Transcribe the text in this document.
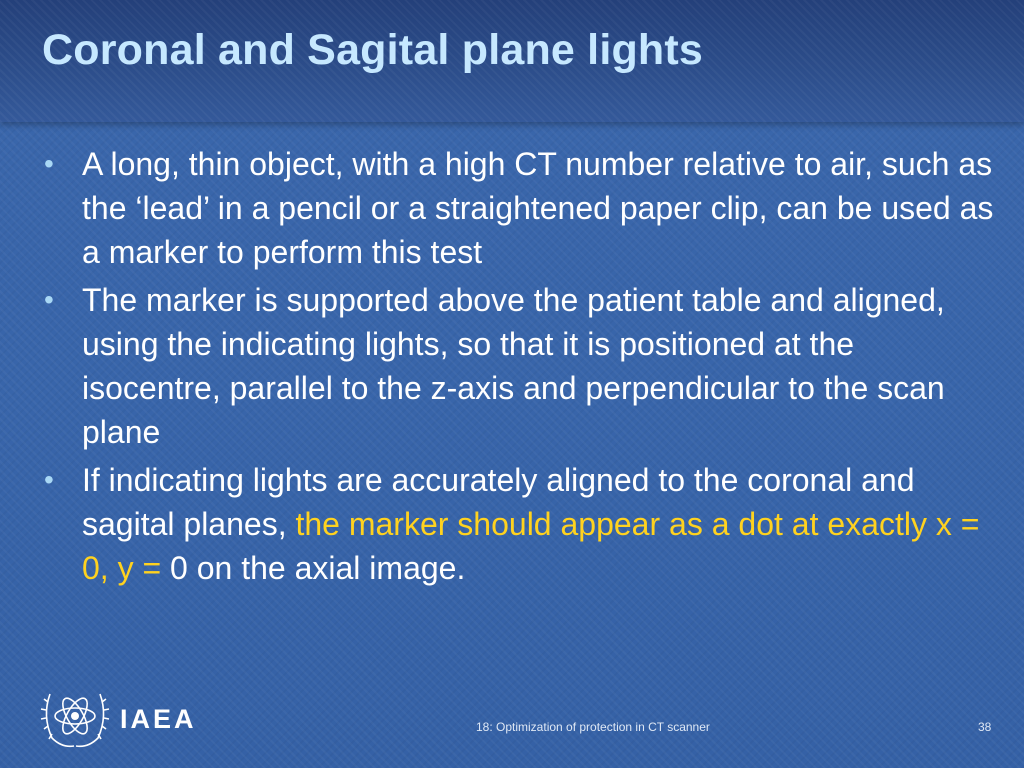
Coronal and Sagital plane lights
• A long, thin object, with a high CT number relative to air, such as the ‘lead’ in a pencil or a straightened paper clip, can be used as a marker to perform this test
• The marker is supported above the patient table and aligned, using the indicating lights, so that it is positioned at the isocentre, parallel to the z-axis and perpendicular to the scan plane
• If indicating lights are accurately aligned to the coronal and sagital planes, the marker should appear as a dot at exactly x = 0, y = 0 on the axial image.
IAEA	18: Optimization of protection in CT scanner	38
